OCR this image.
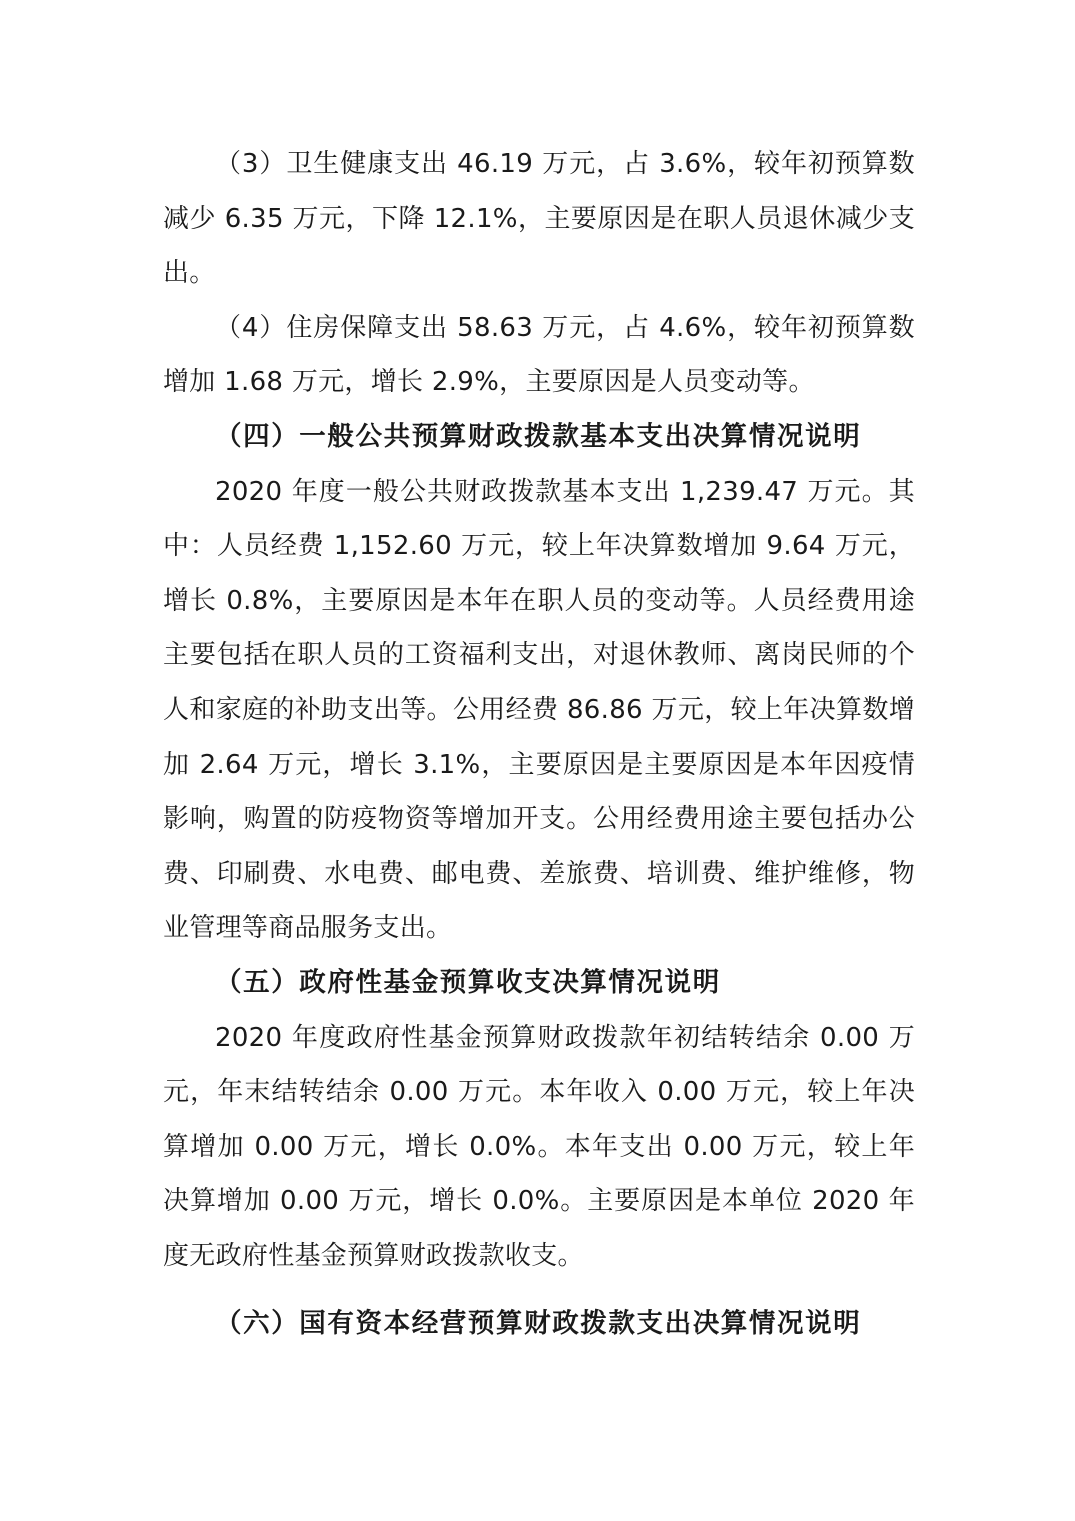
（3）卫生健康支出 46.19 万元，占 3.6%，较年初预算数减少 6.35 万元，下降 12.1%，主要原因是在职人员退休减少支出。

（4）住房保障支出 58.63 万元，占 4.6%，较年初预算数增加 1.68 万元，增长 2.9%，主要原因是人员变动等。

（四）一般公共预算财政拨款基本支出决算情况说明

2020 年度一般公共财政拨款基本支出 1,239.47 万元。其中：人员经费 1,152.60 万元，较上年决算数增加 9.64 万元，增长 0.8%，主要原因是本年在职人员的变动等。人员经费用途主要包括在职人员的工资福利支出，对退休教师、离岗民师的个人和家庭的补助支出等。公用经费 86.86 万元，较上年决算数增加 2.64 万元，增长 3.1%，主要原因是主要原因是本年因疫情影响，购置的防疫物资等增加开支。公用经费用途主要包括办公费、印刷费、水电费、邮电费、差旅费、培训费、维护维修，物业管理等商品服务支出。

（五）政府性基金预算收支决算情况说明

2020 年度政府性基金预算财政拨款年初结转结余 0.00 万元，年末结转结余 0.00 万元。本年收入 0.00 万元，较上年决算增加 0.00 万元，增长 0.0%。本年支出 0.00 万元，较上年决算增加 0.00 万元，增长 0.0%。主要原因是本单位 2020 年度无政府性基金预算财政拨款收支。

（六）国有资本经营预算财政拨款支出决算情况说明
